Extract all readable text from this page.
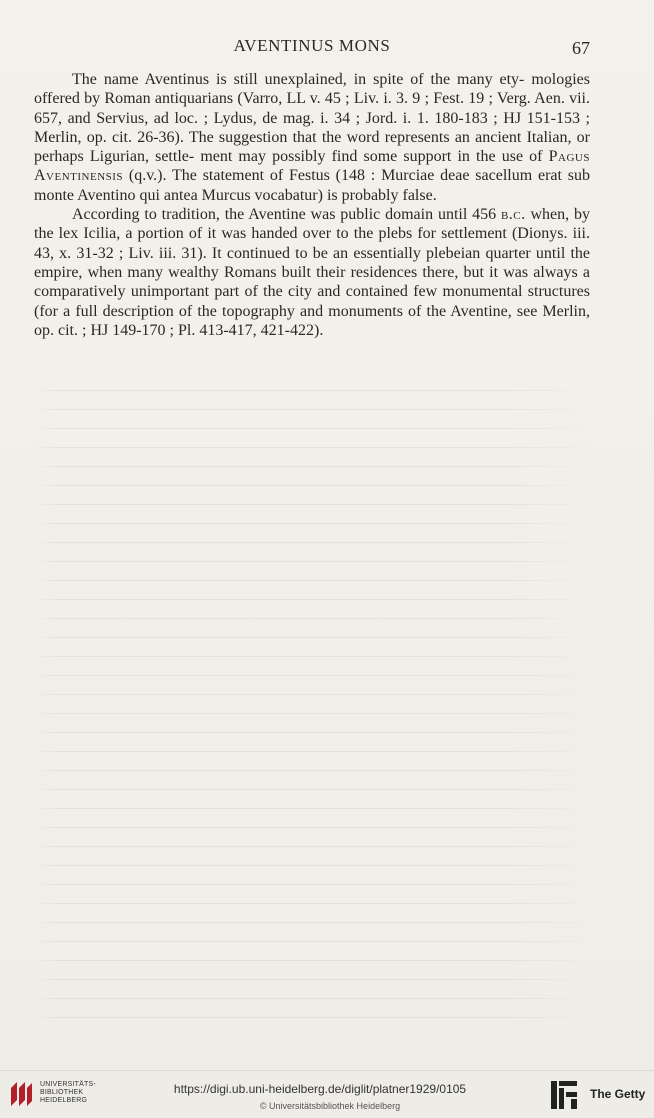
AVENTINUS MONS	67

The name Aventinus is still unexplained, in spite of the many ety- mologies offered by Roman antiquarians (Varro, LL v. 45 ; Liv. i. 3. 9 ; Fest. 19 ; Verg. Aen. vii. 657, and Servius, ad loc. ; Lydus, de mag. i. 34 ; Jord. i. 1. 180-183 ; HJ 151-153 ; Merlin, op. cit. 26-36). The suggestion that the word represents an ancient Italian, or perhaps Ligurian, settle- ment may possibly find some support in the use of Pagus Aventinensis (q.v.). The statement of Festus (148 : Murciae deae sacellum erat sub monte Aventino qui antea Murcus vocabatur) is probably false.

According to tradition, the Aventine was public domain until 456 b.c. when, by the lex Icilia, a portion of it was handed over to the plebs for settlement (Dionys. iii. 43, x. 31-32 ; Liv. iii. 31). It continued to be an essentially plebeian quarter until the empire, when many wealthy Romans built their residences there, but it was always a comparatively unimportant part of the city and contained few monumental structures (for a full description of the topography and monuments of the Aventine, see Merlin, op. cit. ; HJ 149-170 ; Pl. 413-417, 421-422).

UNIVERSITÄTS-
BIBLIOTHEK
HEIDELBERG
https://digi.ub.uni-heidelberg.de/diglit/platner1929/0105
© Universitätsbibliothek Heidelberg
The Getty
